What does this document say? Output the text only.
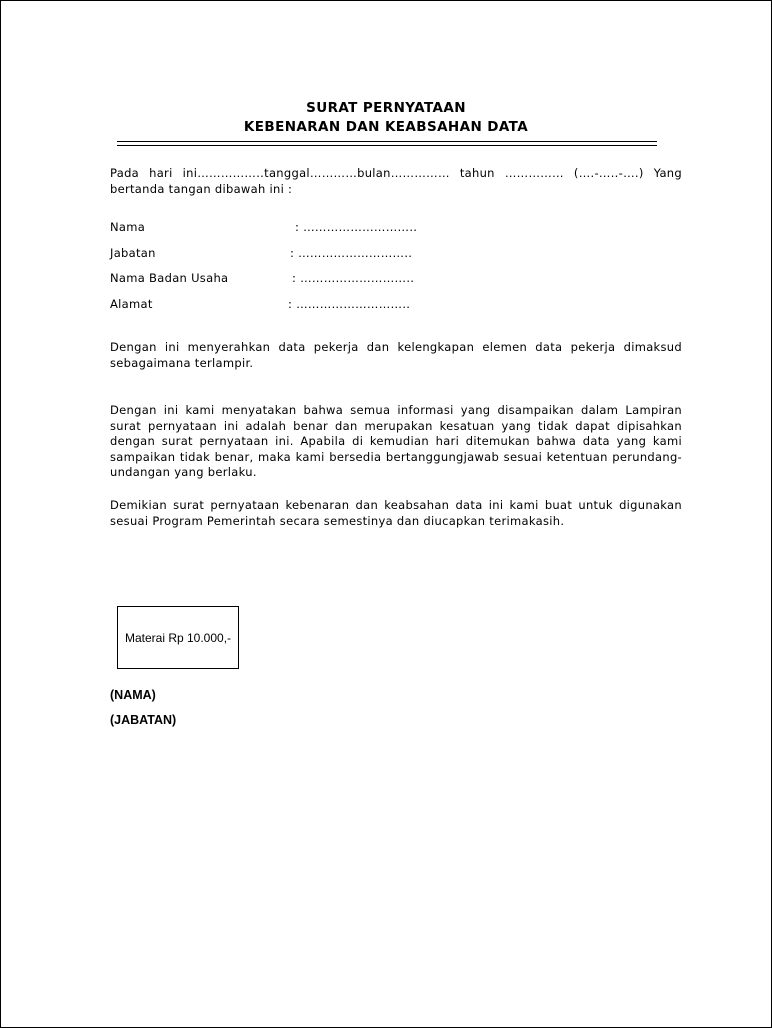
SURAT PERNYATAAN
KEBENARAN DAN KEABSAHAN DATA
Pada hari ini……………..tanggal…………bulan…………… tahun …………… (….-…..-….) Yang bertanda tangan dibawah ini :
Nama	: ………………………..
Jabatan	: ………………………..
Nama Badan Usaha	: ………………………..
Alamat	: ………………………..
Dengan ini menyerahkan data pekerja dan kelengkapan elemen data pekerja dimaksud sebagaimana terlampir.
Dengan ini kami menyatakan bahwa semua informasi yang disampaikan dalam Lampiran surat pernyataan ini adalah benar dan merupakan kesatuan yang tidak dapat dipisahkan dengan surat pernyataan ini. Apabila di kemudian hari ditemukan bahwa data yang kami sampaikan tidak benar, maka kami bersedia bertanggungjawab sesuai ketentuan perundang-undangan yang berlaku.
Demikian surat pernyataan kebenaran dan keabsahan data ini kami buat untuk digunakan sesuai Program Pemerintah secara semestinya dan diucapkan terimakasih.
Materai Rp 10.000,-
(NAMA)
(JABATAN)
